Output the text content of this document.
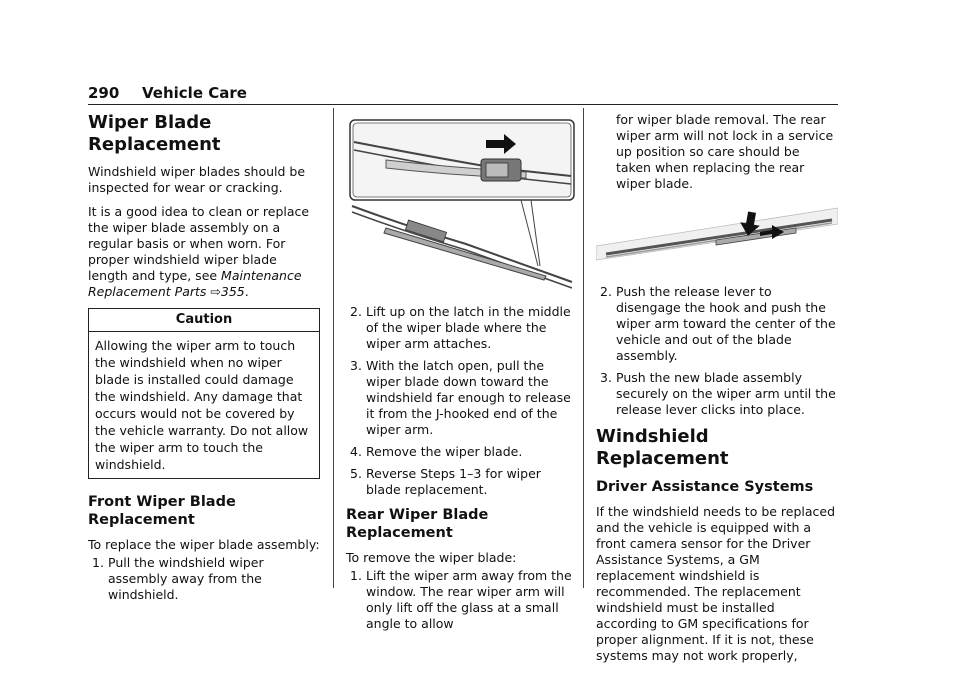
290 Vehicle Care
Wiper Blade Replacement

Windshield wiper blades should be inspected for wear or cracking.

It is a good idea to clean or replace the wiper blade assembly on a regular basis or when worn. For proper windshield wiper blade length and type, see Maintenance Replacement Parts ⇨355.

Caution
Allowing the wiper arm to touch the windshield when no wiper blade is installed could damage the windshield. Any damage that occurs would not be covered by the vehicle warranty. Do not allow the wiper arm to touch the windshield.
Front Wiper Blade Replacement

To replace the wiper blade assembly:

1. Pull the windshield wiper assembly away from the windshield.
2. Lift up on the latch in the middle of the wiper blade where the wiper arm attaches.
3. With the latch open, pull the wiper blade down toward the windshield far enough to release it from the J-hooked end of the wiper arm.
4. Remove the wiper blade.
5. Reverse Steps 1–3 for wiper blade replacement.
Rear Wiper Blade Replacement

To remove the wiper blade:

1. Lift the wiper arm away from the window. The rear wiper arm will only lift off the glass at a small angle to allow

for wiper blade removal. The rear wiper arm will not lock in a service up position so care should be taken when replacing the rear wiper blade.

2. Push the release lever to disengage the hook and push the wiper arm toward the center of the vehicle and out of the blade assembly.
3. Push the new blade assembly securely on the wiper arm until the release lever clicks into place.
Windshield Replacement
Driver Assistance Systems

If the windshield needs to be replaced and the vehicle is equipped with a front camera sensor for the Driver Assistance Systems, a GM replacement windshield is recommended. The replacement windshield must be installed according to GM specifications for proper alignment. If it is not, these systems may not work properly,
